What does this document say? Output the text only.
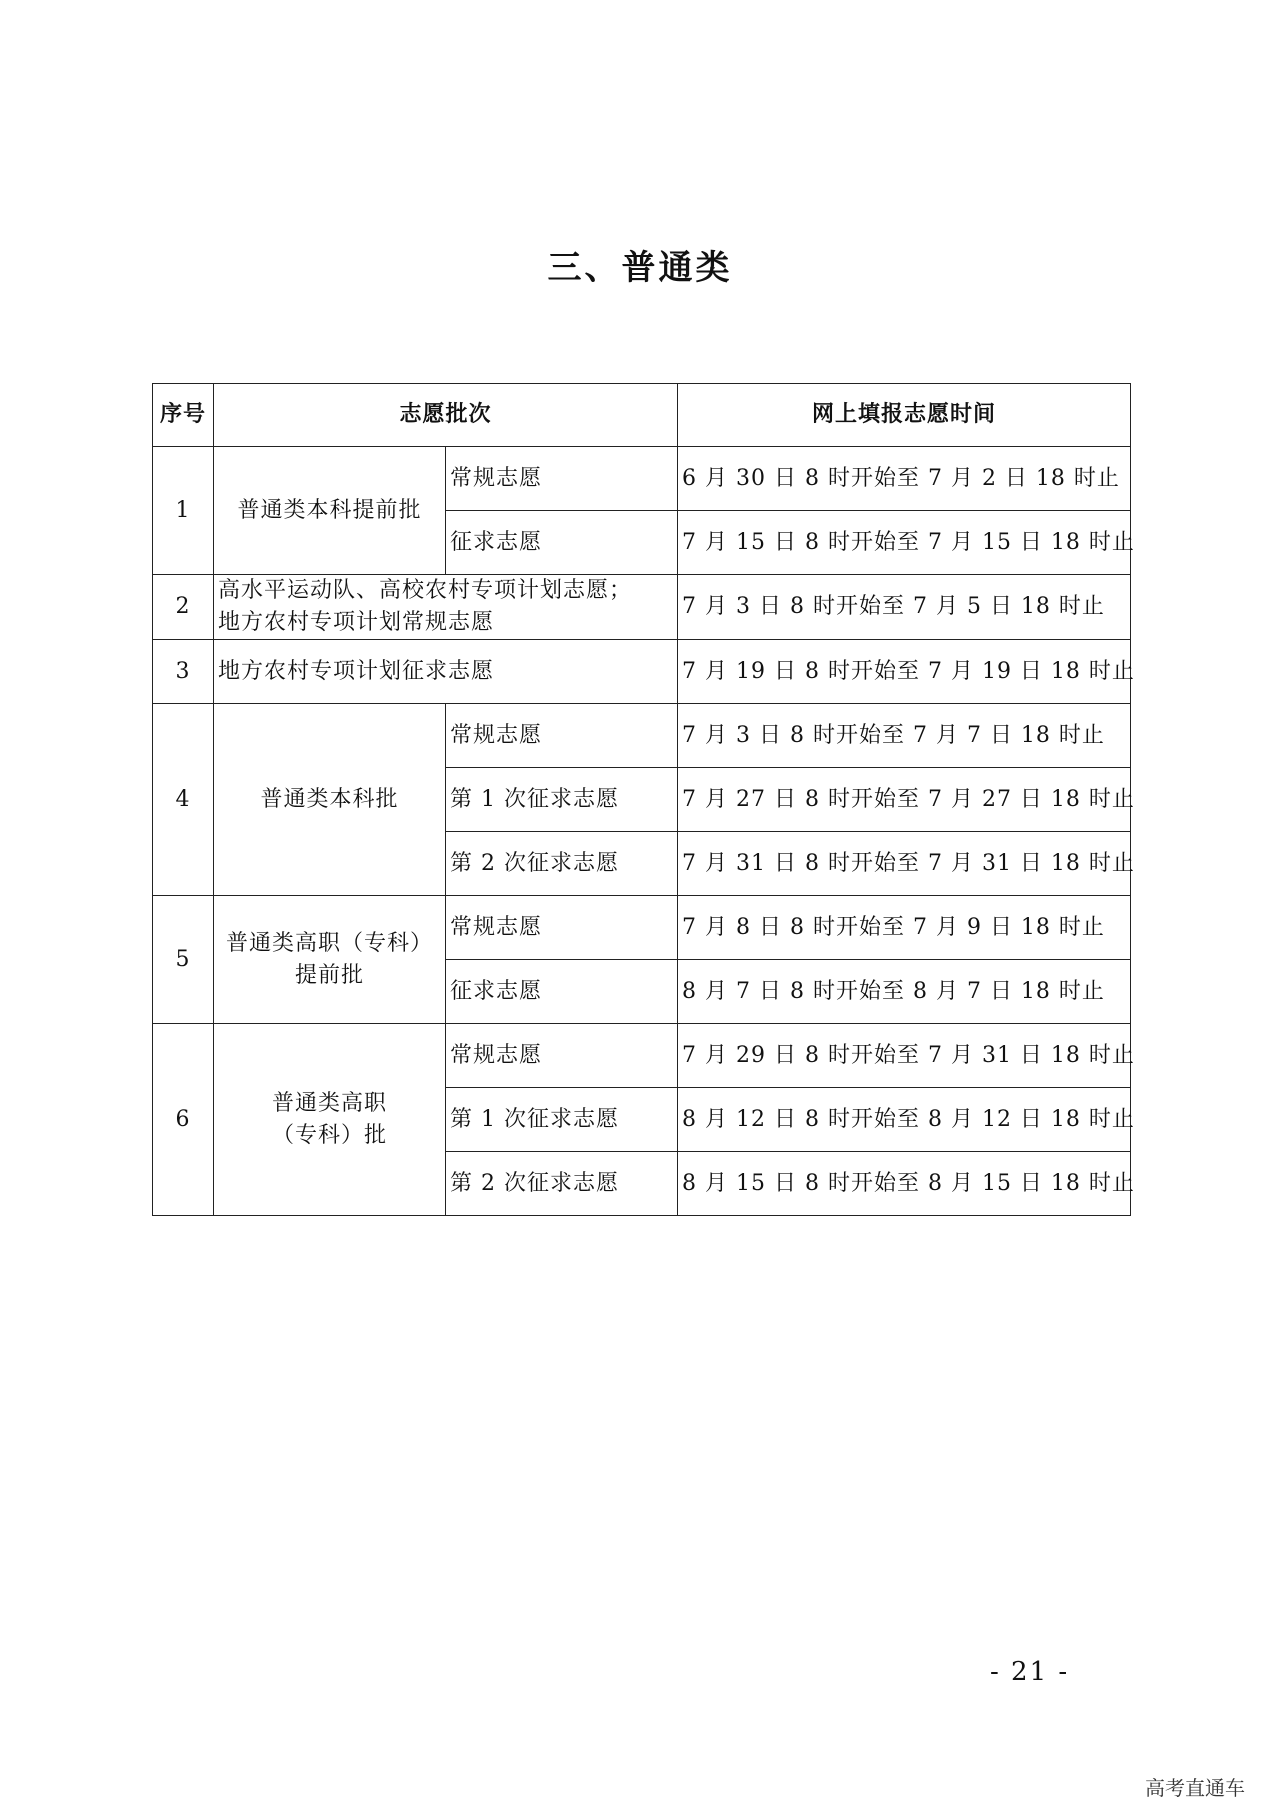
三、普通类
序号	志愿批次		网上填报志愿时间
1	普通类本科提前批	常规志愿	6 月 30 日 8 时开始至 7 月 2 日 18 时止
		征求志愿	7 月 15 日 8 时开始至 7 月 15 日 18 时止
2	高水平运动队、高校农村专项计划志愿；
地方农村专项计划常规志愿		7 月 3 日 8 时开始至 7 月 5 日 18 时止
3	地方农村专项计划征求志愿		7 月 19 日 8 时开始至 7 月 19 日 18 时止
4	普通类本科批	常规志愿	7 月 3 日 8 时开始至 7 月 7 日 18 时止
		第 1 次征求志愿	7 月 27 日 8 时开始至 7 月 27 日 18 时止
		第 2 次征求志愿	7 月 31 日 8 时开始至 7 月 31 日 18 时止
5	普通类高职（专科）
提前批	常规志愿	7 月 8 日 8 时开始至 7 月 9 日 18 时止
		征求志愿	8 月 7 日 8 时开始至 8 月 7 日 18 时止
6	普通类高职
（专科）批	常规志愿	7 月 29 日 8 时开始至 7 月 31 日 18 时止
		第 1 次征求志愿	8 月 12 日 8 时开始至 8 月 12 日 18 时止
		第 2 次征求志愿	8 月 15 日 8 时开始至 8 月 15 日 18 时止
- 21 -
高考直通车
